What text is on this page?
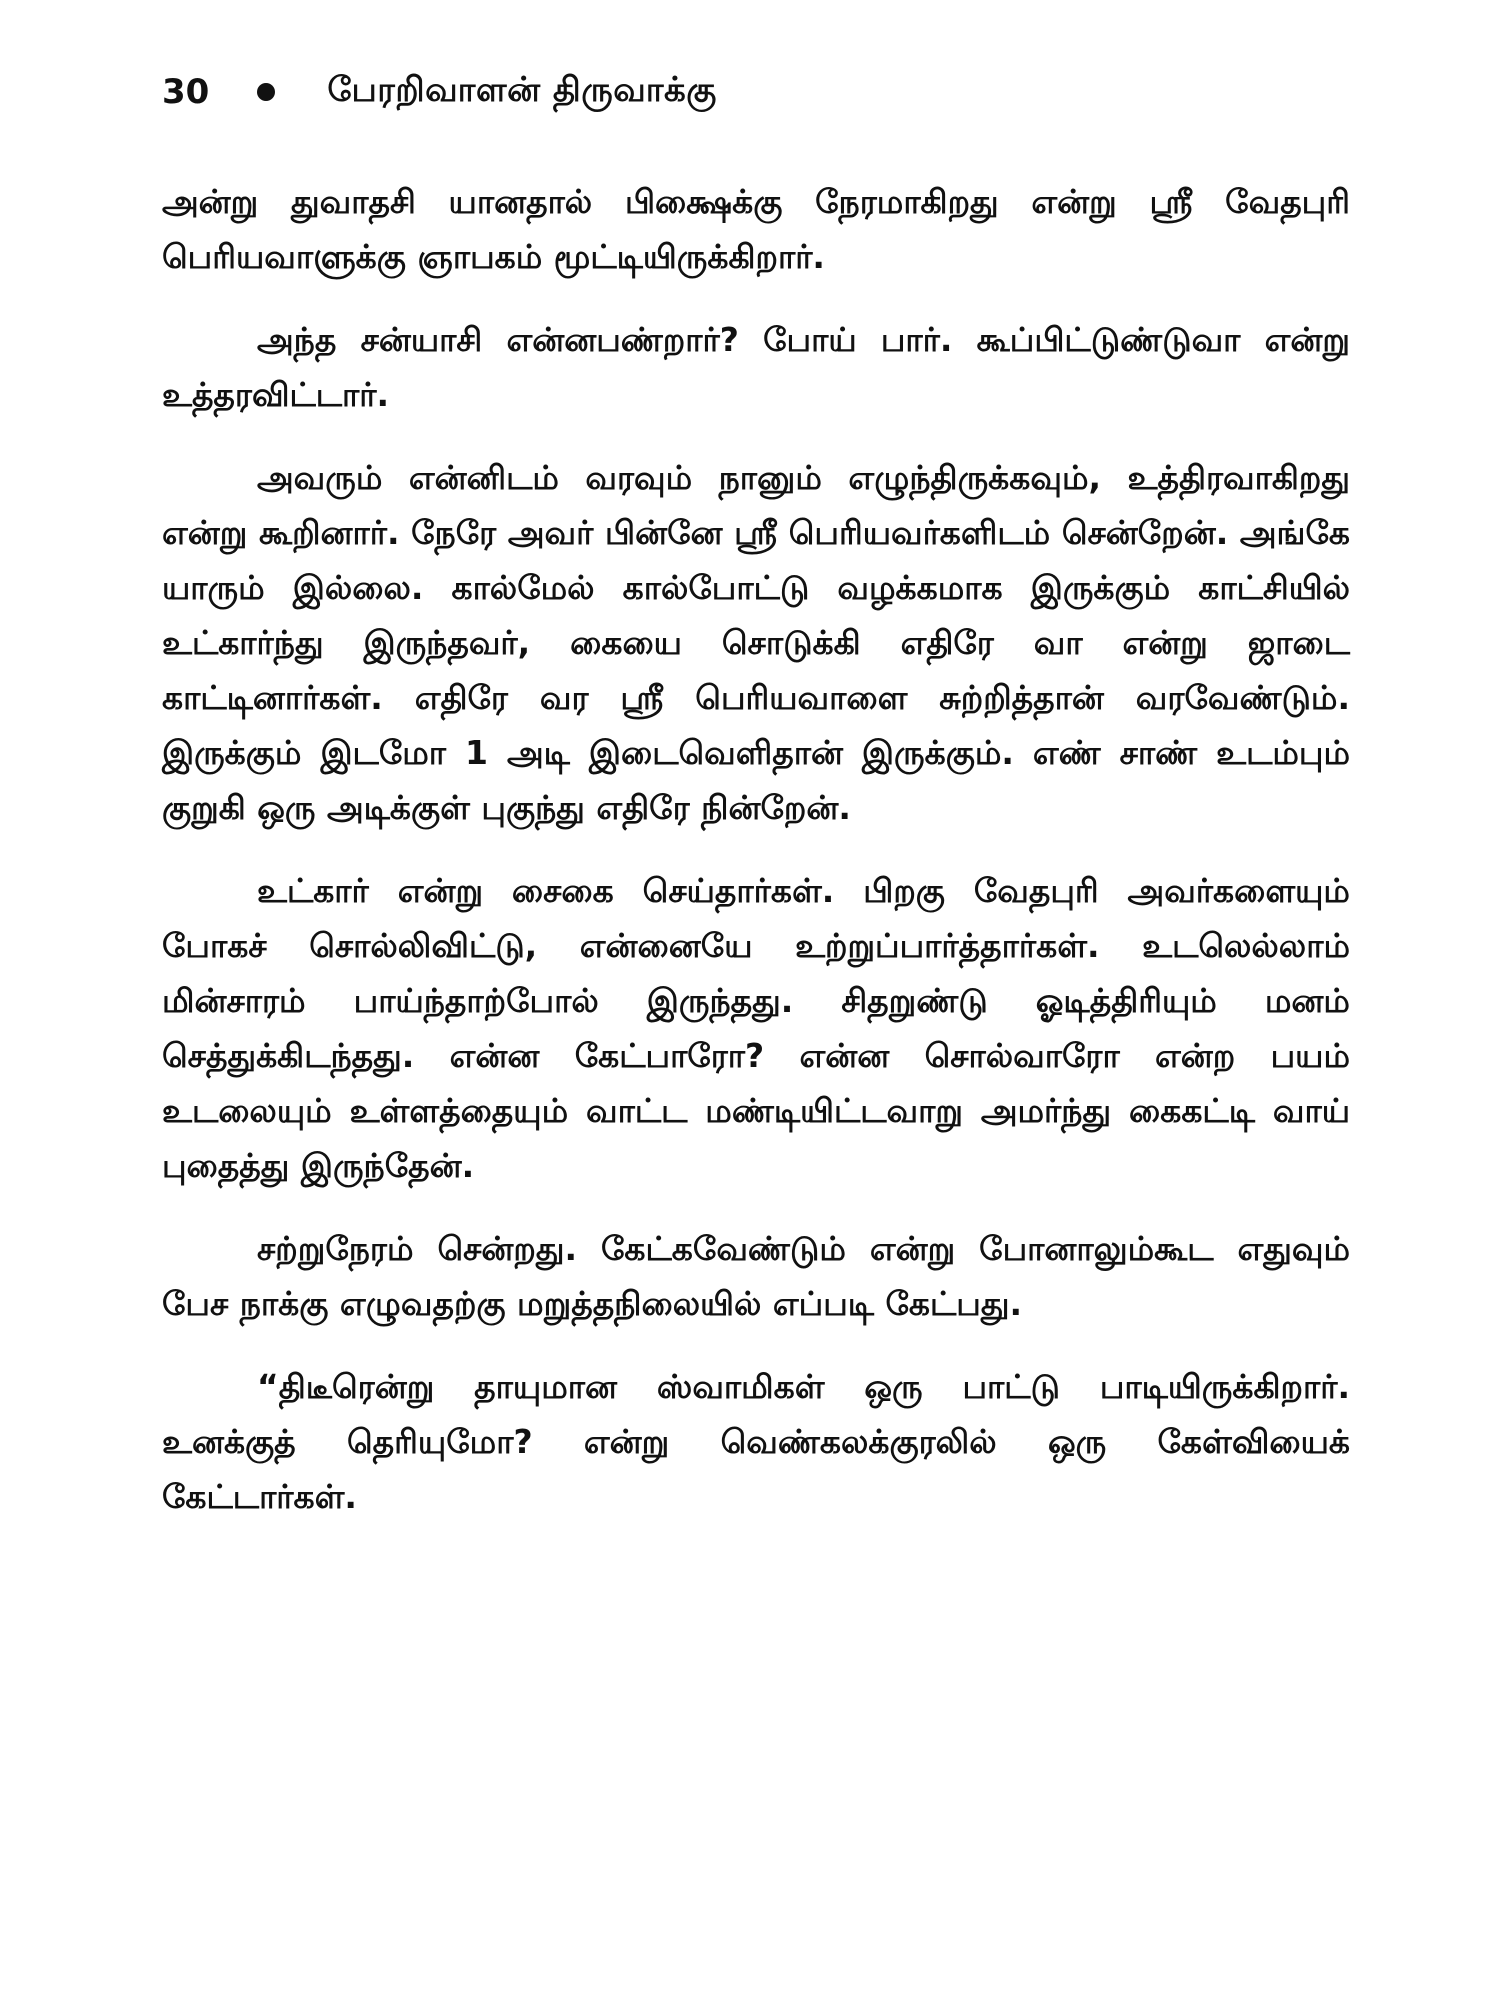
30	பேரறிவாளன் திருவாக்கு

அன்று துவாதசி யானதால் பிக்ஷைக்கு நேரமாகிறது என்று ஸ்ரீ வேதபுரி பெரியவாளுக்கு ஞாபகம் மூட்டியிருக்கிறார்.

அந்த சன்யாசி என்னபண்றார்? போய் பார். கூப்பிட்டுண்டுவா என்று உத்தரவிட்டார்.

அவரும் என்னிடம் வரவும் நானும் எழுந்திருக்கவும், உத்திரவாகிறது என்று கூறினார். நேரே அவர் பின்னே ஸ்ரீ பெரியவர்களிடம் சென்றேன். அங்கே யாரும் இல்லை. கால்மேல் கால்போட்டு வழக்கமாக இருக்கும் காட்சியில் உட்கார்ந்து இருந்தவர், கையை சொடுக்கி எதிரே வா என்று ஜாடை காட்டினார்கள். எதிரே வர ஸ்ரீ பெரியவாளை சுற்றித்தான் வரவேண்டும். இருக்கும் இடமோ 1 அடி இடைவெளிதான் இருக்கும். எண் சாண் உடம்பும் குறுகி ஒரு அடிக்குள் புகுந்து எதிரே நின்றேன்.

உட்கார் என்று சைகை செய்தார்கள். பிறகு வேதபுரி அவர்களையும் போகச் சொல்லிவிட்டு, என்னையே உற்றுப்பார்த்தார்கள். உடலெல்லாம் மின்சாரம் பாய்ந்தாற்போல் இருந்தது. சிதறுண்டு ஓடித்திரியும் மனம் செத்துக்கிடந்தது. என்ன கேட்பாரோ? என்ன சொல்வாரோ என்ற பயம் உடலையும் உள்ளத்தையும் வாட்ட மண்டியிட்டவாறு அமர்ந்து கைகட்டி வாய் புதைத்து இருந்தேன்.

சற்றுநேரம் சென்றது. கேட்கவேண்டும் என்று போனாலும்கூட எதுவும் பேச நாக்கு எழுவதற்கு மறுத்தநிலையில் எப்படி கேட்பது.

“திடீரென்று தாயுமான ஸ்வாமிகள் ஒரு பாட்டு பாடியிருக்கிறார். உனக்குத் தெரியுமோ? என்று வெண்கலக்குரலில் ஒரு கேள்வியைக் கேட்டார்கள்.
